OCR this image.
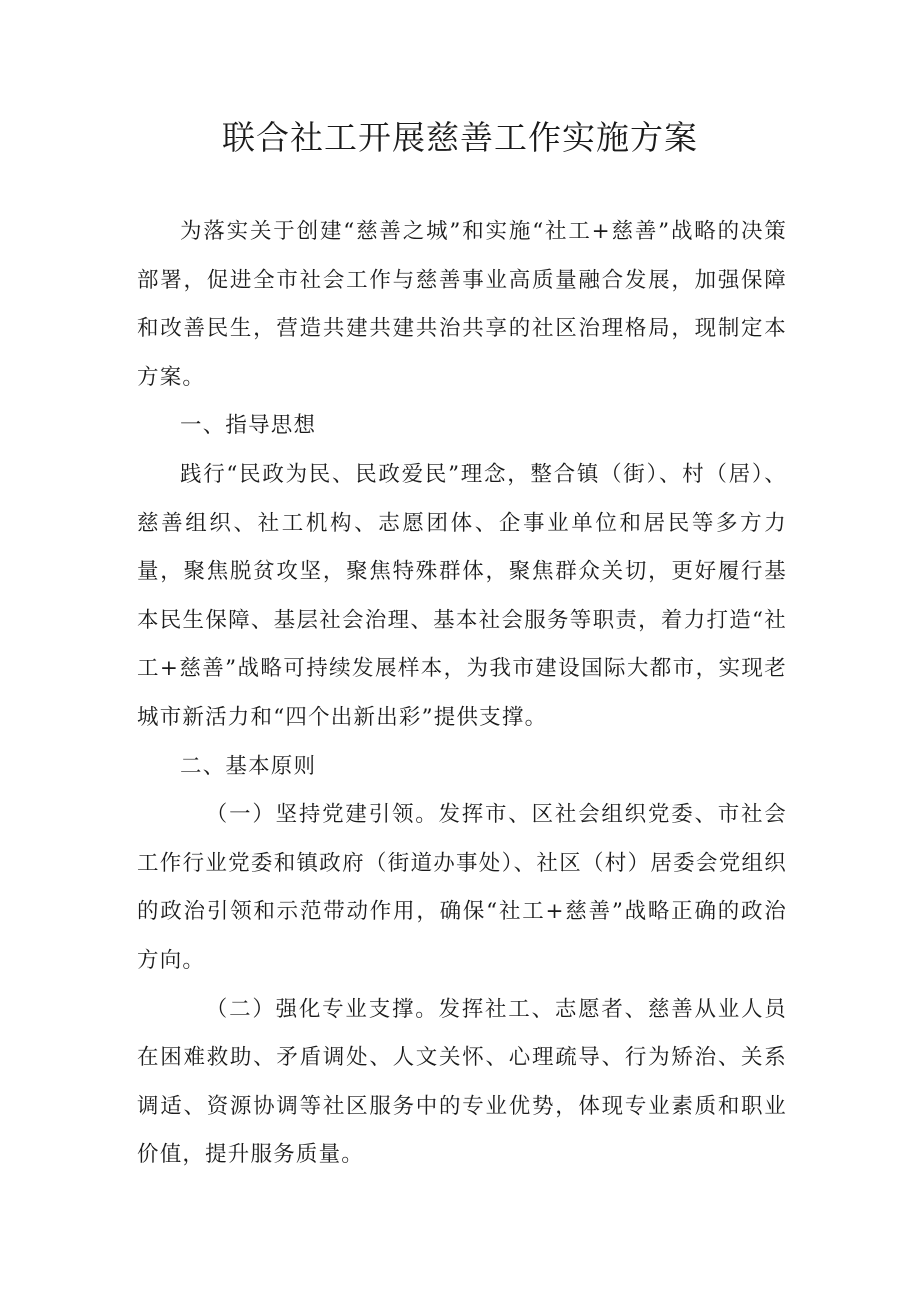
联合社工开展慈善工作实施方案

为落实关于创建“慈善之城”和实施“社工+慈善”战略的决策部署，促进全市社会工作与慈善事业高质量融合发展，加强保障和改善民生，营造共建共建共治共享的社区治理格局，现制定本方案。

一、指导思想

践行“民政为民、民政爱民”理念，整合镇（街）、村（居）、慈善组织、社工机构、志愿团体、企事业单位和居民等多方力量，聚焦脱贫攻坚，聚焦特殊群体，聚焦群众关切，更好履行基本民生保障、基层社会治理、基本社会服务等职责，着力打造“社工+慈善”战略可持续发展样本，为我市建设国际大都市，实现老城市新活力和“四个出新出彩”提供支撑。

二、基本原则

（一）坚持党建引领。发挥市、区社会组织党委、市社会工作行业党委和镇政府（街道办事处）、社区（村）居委会党组织的政治引领和示范带动作用，确保“社工+慈善”战略正确的政治方向。

（二）强化专业支撑。发挥社工、志愿者、慈善从业人员在困难救助、矛盾调处、人文关怀、心理疏导、行为矫治、关系调适、资源协调等社区服务中的专业优势，体现专业素质和职业价值，提升服务质量。
